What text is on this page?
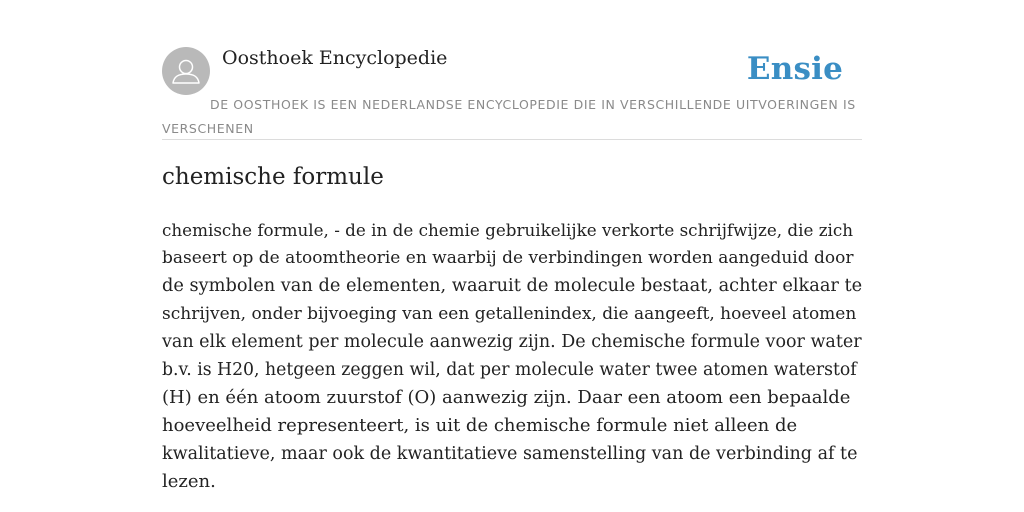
Oosthoek Encyclopedie	Ensie
DE OOSTHOEK IS EEN NEDERLANDSE ENCYCLOPEDIE DIE IN VERSCHILLENDE UITVOERINGEN IS VERSCHENEN
chemische formule

chemische formule, - de in de chemie gebruikelijke verkorte schrijfwijze, die zich
baseert op de atoomtheorie en waarbij de verbindingen worden aangeduid door
de symbolen van de elementen, waaruit de molecule bestaat, achter elkaar te
schrijven, onder bijvoeging van een getallenindex, die aangeeft, hoeveel atomen
van elk element per molecule aanwezig zijn. De chemische formule voor water
b.v. is H20, hetgeen zeggen wil, dat per molecule water twee atomen waterstof
(H) en één atoom zuurstof (O) aanwezig zijn. Daar een atoom een bepaalde
hoeveelheid representeert, is uit de chemische formule niet alleen de
kwalitatieve, maar ook de kwantitatieve samenstelling van de verbinding af te
lezen.
